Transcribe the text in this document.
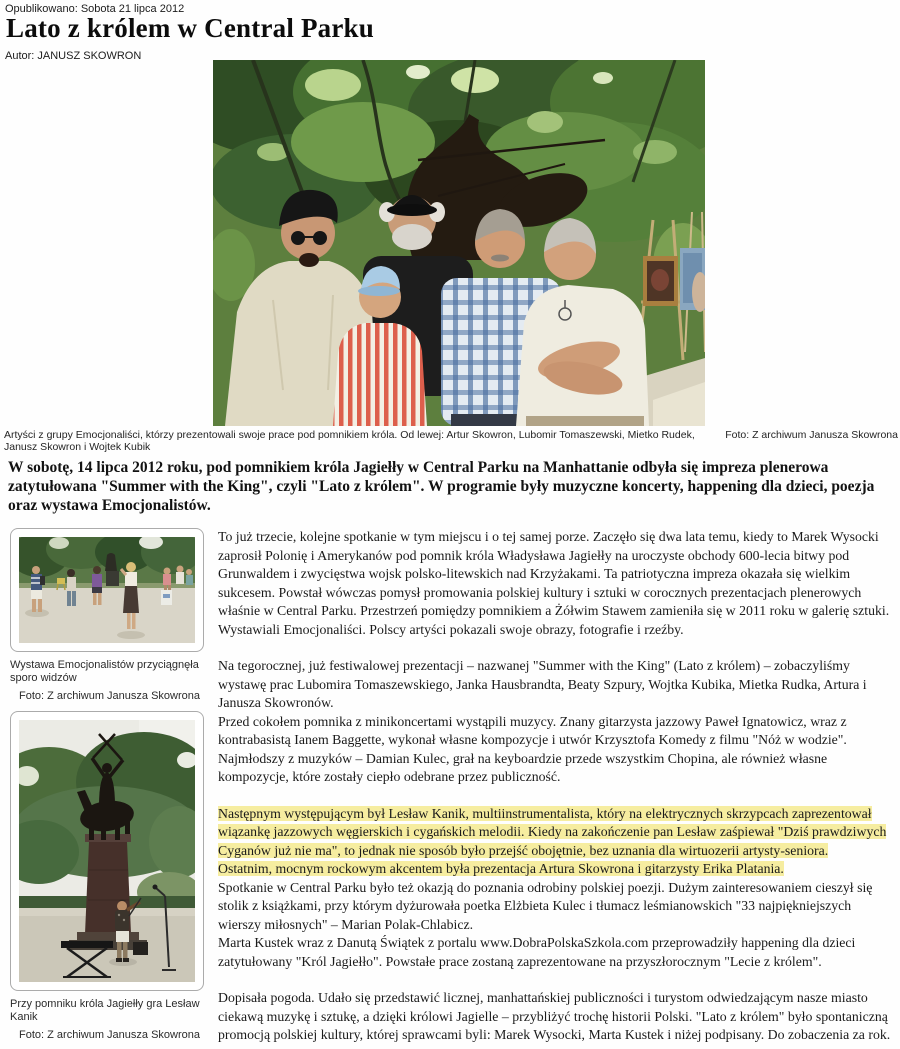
Opublikowano: Sobota 21 lipca 2012
Lato z królem w Central Parku
Autor: JANUSZ SKOWRON
Artyści z grupy Emocjonaliści, którzy prezentowali swoje prace pod pomnikiem króla. Od lewej: Artur Skowron, Lubomir Tomaszewski, Mietko Rudek, Janusz Skowron i Wojtek Kubik
Foto: Z archiwum Janusza Skowrona

W sobotę, 14 lipca 2012 roku, pod pomnikiem króla Jagiełły w Central Parku na Manhattanie odbyła się impreza plenerowa zatytułowana "Summer with the King", czyli "Lato z królem". W programie były muzyczne koncerty, happening dla dzieci, poezja oraz wystawa Emocjonalistów.

Wystawa Emocjonalistów przyciągnęła sporo widzów
Foto: Z archiwum Janusza Skowrona
Przy pomniku króla Jagiełły gra Lesław Kanik
Foto: Z archiwum Janusza Skowrona

To już trzecie, kolejne spotkanie w tym miejscu i o tej samej porze. Zaczęło się dwa lata temu, kiedy to Marek Wysocki zaprosił Polonię i Amerykanów pod pomnik króla Władysława Jagiełły na uroczyste obchody 600-lecia bitwy pod Grunwaldem i zwycięstwa wojsk polsko-litewskich nad Krzyżakami. Ta patriotyczna impreza okazała się wielkim sukcesem. Powstał wówczas pomysł promowania polskiej kultury i sztuki w corocznych prezentacjach plenerowych właśnie w Central Parku. Przestrzeń pomiędzy pomnikiem a Żółwim Stawem zamieniła się w 2011 roku w galerię sztuki. Wystawiali Emocjonaliści. Polscy artyści pokazali swoje obrazy, fotografie i rzeźby.

Na tegorocznej, już festiwalowej prezentacji – nazwanej "Summer with the King" (Lato z królem) – zobaczyliśmy wystawę prac Lubomira Tomaszewskiego, Janka Hausbrandta, Beaty Szpury, Wojtka Kubika, Mietka Rudka, Artura i Janusza Skowronów.

Przed cokołem pomnika z minikoncertami wystąpili muzycy. Znany gitarzysta jazzowy Paweł Ignatowicz, wraz z kontrabasistą Ianem Baggette, wykonał własne kompozycje i utwór Krzysztofa Komedy z filmu "Nóż w wodzie". Najmłodszy z muzyków – Damian Kulec, grał na keyboardzie przede wszystkim Chopina, ale również własne kompozycje, które zostały ciepło odebrane przez publiczność.

Następnym występującym był Lesław Kanik, multiinstrumentalista, który na elektrycznych skrzypcach zaprezentował wiązankę jazzowych węgierskich i cygańskich melodii. Kiedy na zakończenie pan Lesław zaśpiewał "Dziś prawdziwych Cyganów już nie ma", to jednak nie sposób było przejść obojętnie, bez uznania dla wirtuozerii artysty-seniora.

Ostatnim, mocnym rockowym akcentem była prezentacja Artura Skowrona i gitarzysty Erika Platania.

Spotkanie w Central Parku było też okazją do poznania odrobiny polskiej poezji. Dużym zainteresowaniem cieszył się stolik z książkami, przy którym dyżurowała poetka Elżbieta Kulec i tłumacz leśmianowskich "33 najpiękniejszych wierszy miłosnych" – Marian Polak-Chlabicz.

Marta Kustek wraz z Danutą Świątek z portalu www.DobraPolskaSzkola.com przeprowadziły happening dla dzieci zatytułowany "Król Jagiełło". Powstałe prace zostaną zaprezentowane na przyszłorocznym "Lecie z królem".

Dopisała pogoda. Udało się przedstawić licznej, manhattańskiej publiczności i turystom odwiedzającym nasze miasto ciekawą muzykę i sztukę, a dzięki królowi Jagielle – przybliżyć trochę historii Polski. "Lato z królem" było spontaniczną promocją polskiej kultury, której sprawcami byli: Marek Wysocki, Marta Kustek i niżej podpisany. Do zobaczenia za rok.
